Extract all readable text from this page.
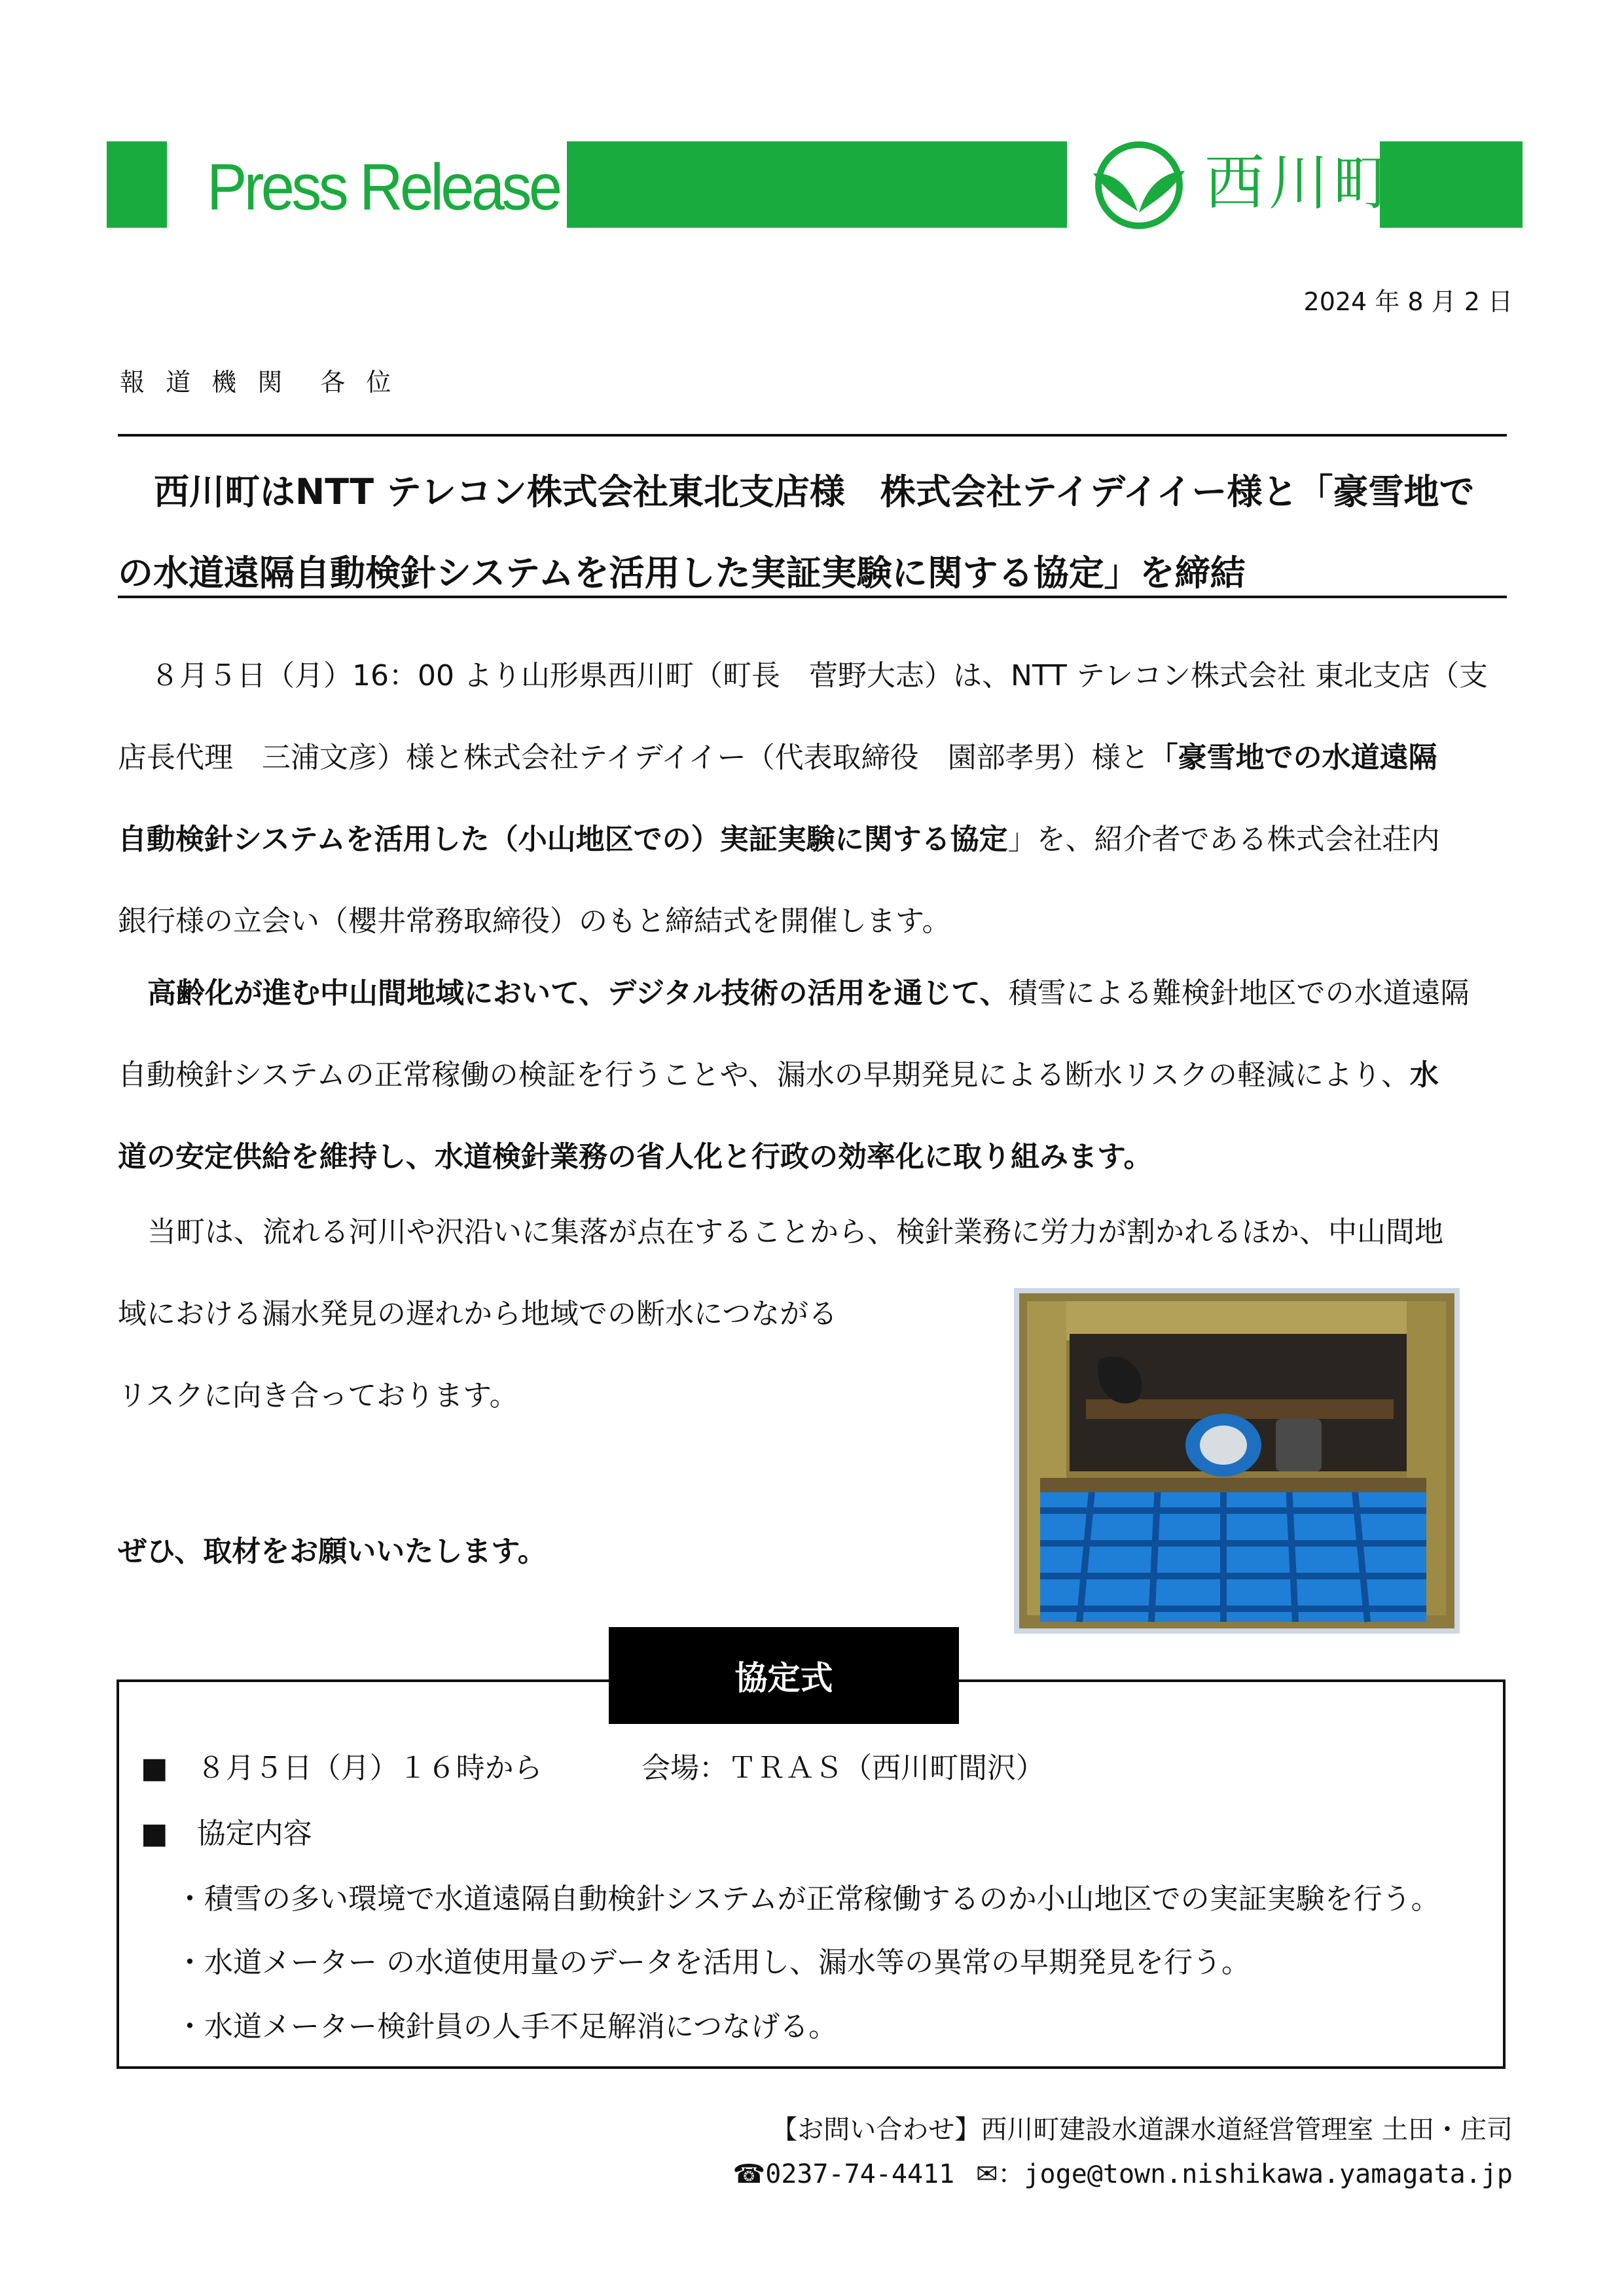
Press Release	西川町
2024 年 8 月 2 日
報 道 機 関　各 位

西川町はNTT テレコン株式会社東北支店様　株式会社テイデイイー様と「豪雪地で

の水道遠隔自動検針システムを活用した実証実験に関する協定」を締結

８月５日（月）16：00 より山形県西川町（町長　菅野大志）は、NTT テレコン株式会社 東北支店（支

店長代理　三浦文彦）様と株式会社テイデイイー（代表取締役　園部孝男）様と「豪雪地での水道遠隔

自動検針システムを活用した（小山地区での）実証実験に関する協定」を、紹介者である株式会社荘内

銀行様の立会い（櫻井常務取締役）のもと締結式を開催します。

高齢化が進む中山間地域において、デジタル技術の活用を通じて、積雪による難検針地区での水道遠隔

自動検針システムの正常稼働の検証を行うことや、漏水の早期発見による断水リスクの軽減により、水

道の安定供給を維持し、水道検針業務の省人化と行政の効率化に取り組みます。

当町は、流れる河川や沢沿いに集落が点在することから、検針業務に労力が割かれるほか、中山間地

域における漏水発見の遅れから地域での断水につながる

リスクに向き合っております。

ぜひ、取材をお願いいたします。
協定式
■　８月５日（月）１６時から	会場：ＴＲＡＳ（西川町間沢）
■　協定内容
・積雪の多い環境で水道遠隔自動検針システムが正常稼働するのか小山地区での実証実験を行う。
・水道メーター の水道使用量のデータを活用し、漏水等の異常の早期発見を行う。
・水道メーター検針員の人手不足解消につなげる。
【お問い合わせ】西川町建設水道課水道経営管理室 土田・庄司
☎0237-74-4411 ✉：joge@town.nishikawa.yamagata.jp
